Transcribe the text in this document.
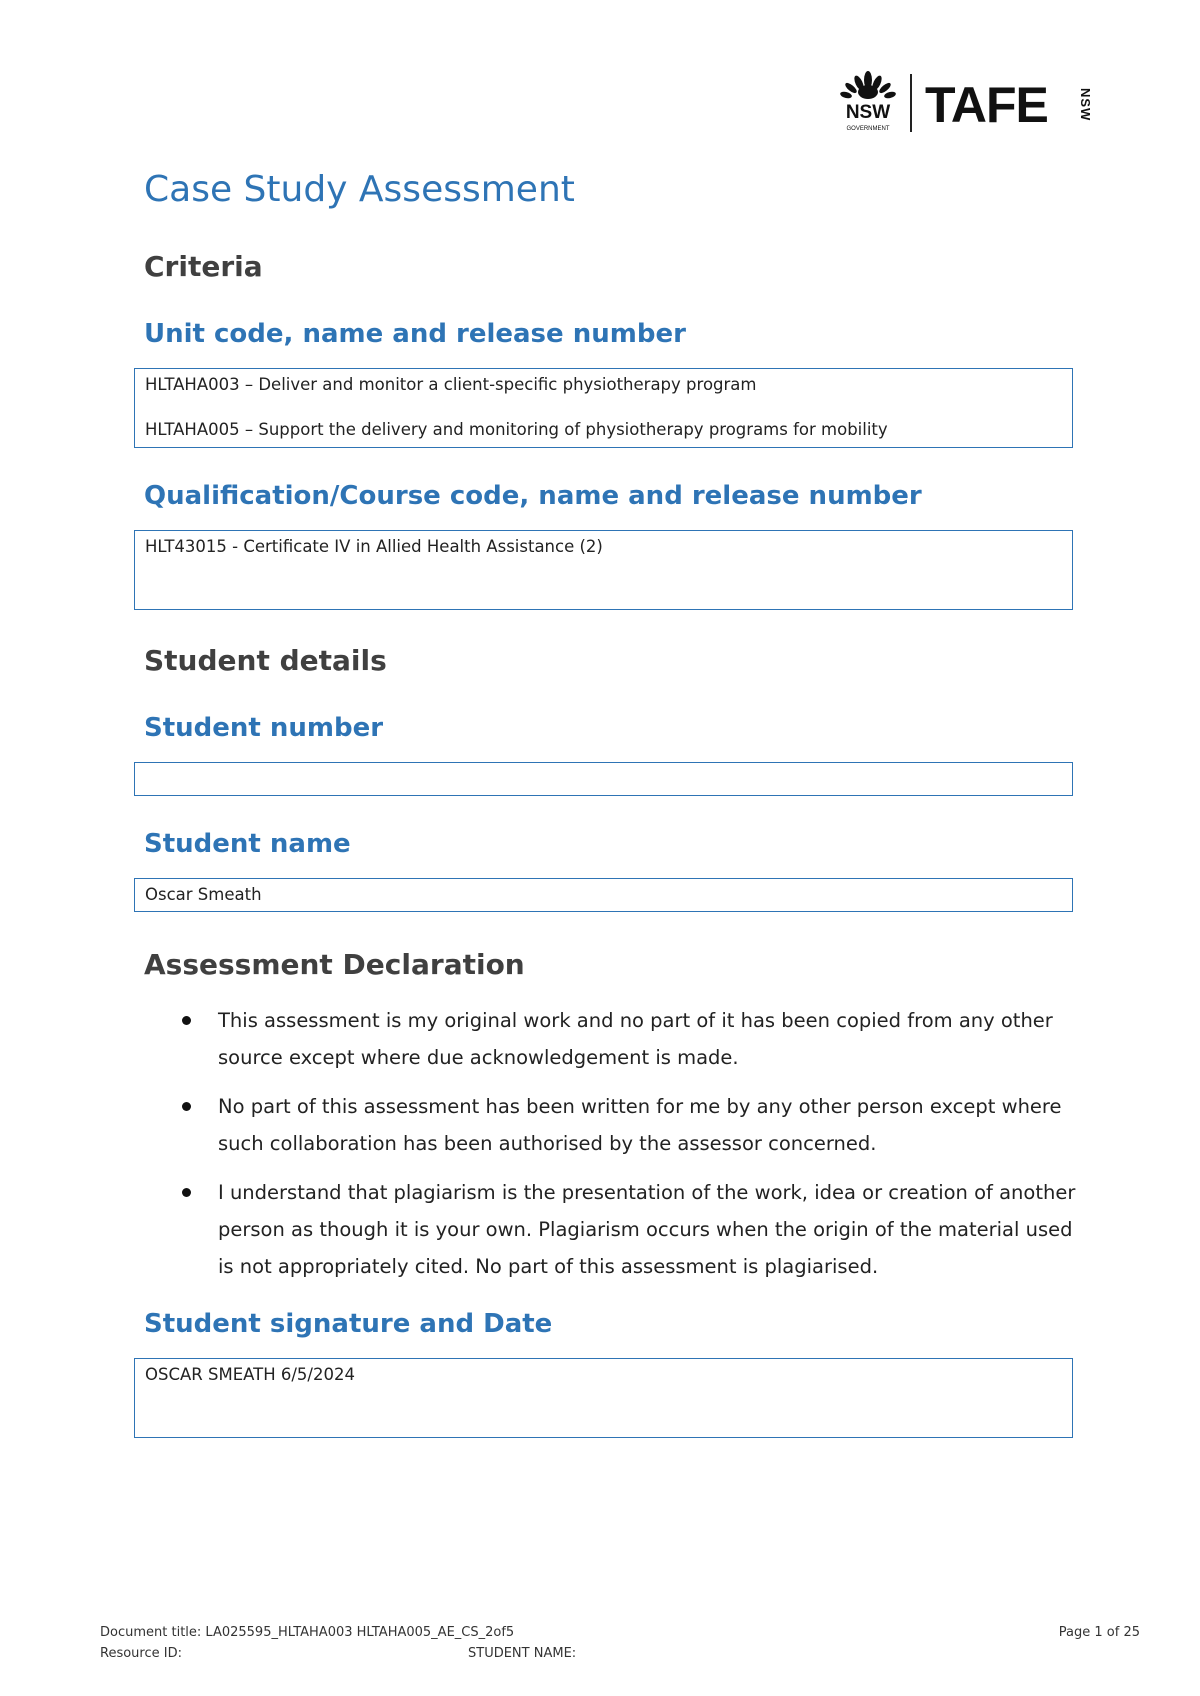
NSW
GOVERNMENT TAFE NSW
Case Study Assessment
Criteria
Unit code, name and release number

HLTAHA003 – Deliver and monitor a client-specific physiotherapy program

HLTAHA005 – Support the delivery and monitoring of physiotherapy programs for mobility

Qualification/Course code, name and release number

HLT43015 - Certificate IV in Allied Health Assistance (2)

Student details
Student number

Student name

Oscar Smeath

Assessment Declaration
This assessment is my original work and no part of it has been copied from any other source except where due acknowledgement is made.
No part of this assessment has been written for me by any other person except where such collaboration has been authorised by the assessor concerned.
I understand that plagiarism is the presentation of the work, idea or creation of another person as though it is your own. Plagiarism occurs when the origin of the material used is not appropriately cited. No part of this assessment is plagiarised.
Student signature and Date

OSCAR SMEATH 6/5/2024

Document title: LA025595_HLTAHA003 HLTAHA005_AE_CS_2of5	Page 1 of 25
Resource ID:	STUDENT NAME:
